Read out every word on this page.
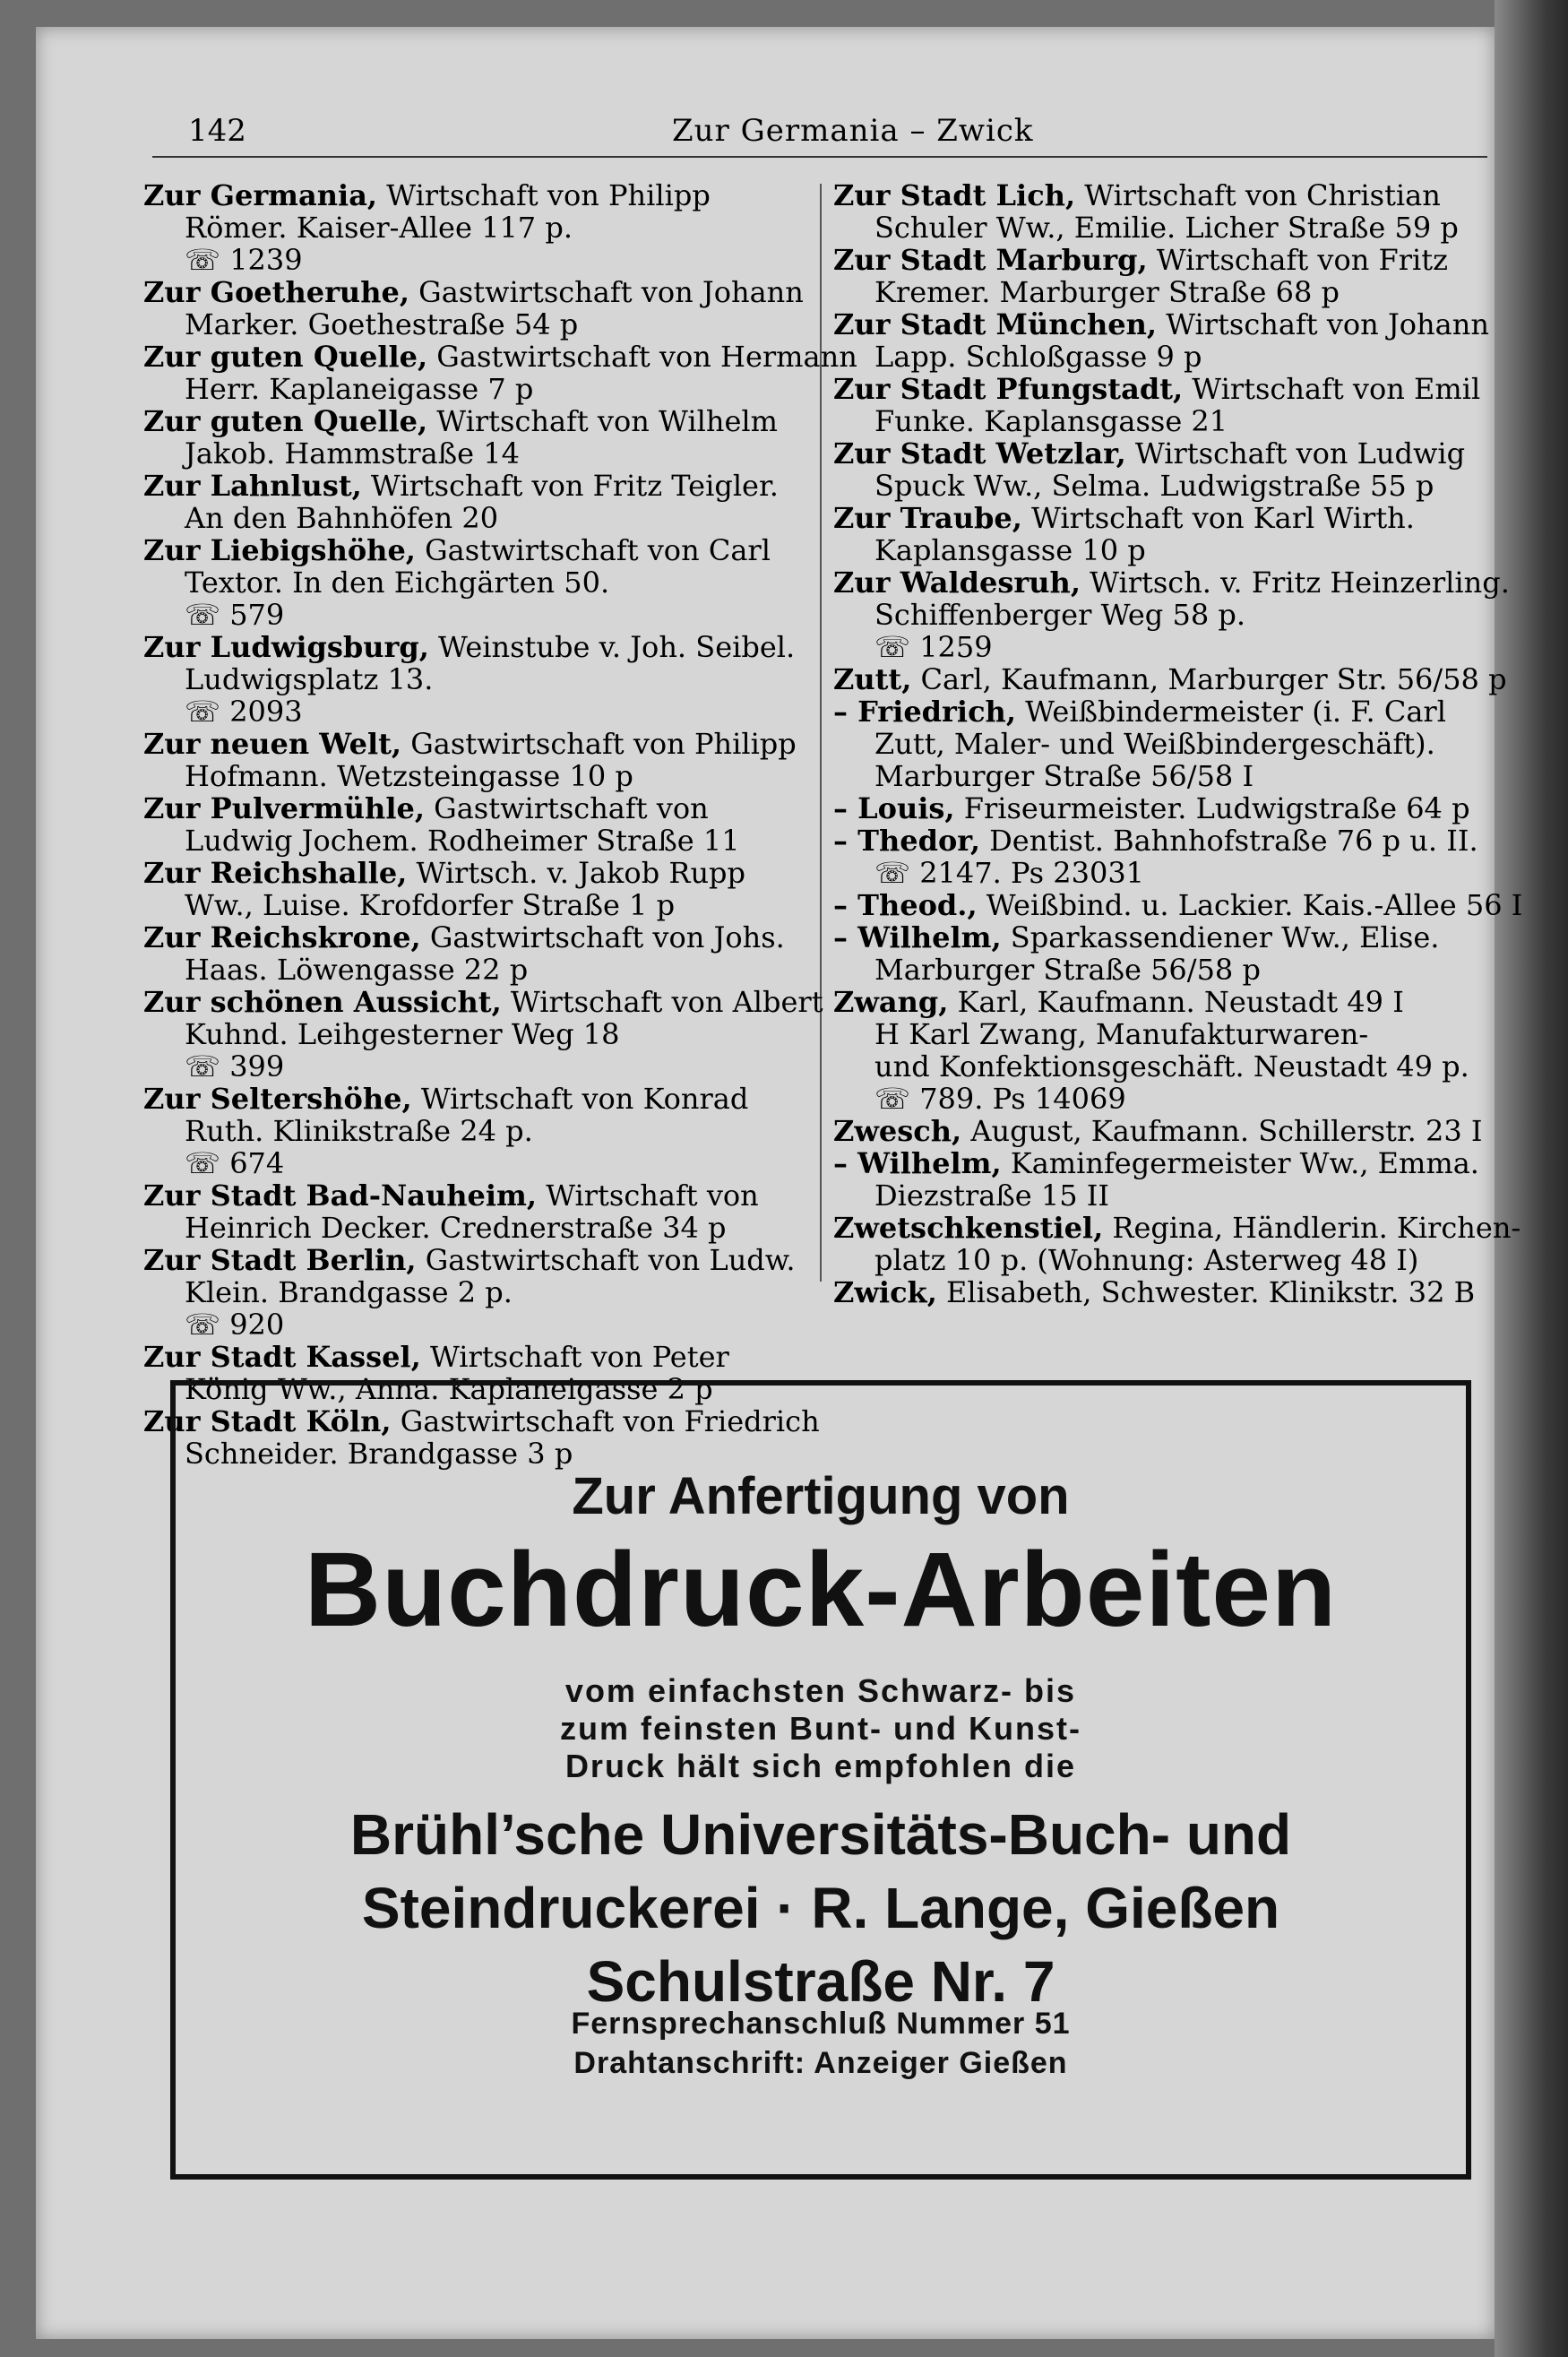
142	Zur Germania – Zwick

Zur Germania, Wirtschaft von Philipp

Römer. Kaiser-Allee 117 p.

☏ 1239

Zur Goetheruhe, Gastwirtschaft von Johann

Marker. Goethestraße 54 p

Zur guten Quelle, Gastwirtschaft von Hermann

Herr. Kaplaneigasse 7 p

Zur guten Quelle, Wirtschaft von Wilhelm

Jakob. Hammstraße 14

Zur Lahnlust, Wirtschaft von Fritz Teigler.

An den Bahnhöfen 20

Zur Liebigshöhe, Gastwirtschaft von Carl

Textor. In den Eichgärten 50.

☏ 579

Zur Ludwigsburg, Weinstube v. Joh. Seibel.

Ludwigsplatz 13.

☏ 2093

Zur neuen Welt, Gastwirtschaft von Philipp

Hofmann. Wetzsteingasse 10 p

Zur Pulvermühle, Gastwirtschaft von

Ludwig Jochem. Rodheimer Straße 11

Zur Reichshalle, Wirtsch. v. Jakob Rupp

Ww., Luise. Krofdorfer Straße 1 p

Zur Reichskrone, Gastwirtschaft von Johs.

Haas. Löwengasse 22 p

Zur schönen Aussicht, Wirtschaft von Albert

Kuhnd. Leihgesterner Weg 18

☏ 399

Zur Seltershöhe, Wirtschaft von Konrad

Ruth. Klinikstraße 24 p.

☏ 674

Zur Stadt Bad-Nauheim, Wirtschaft von

Heinrich Decker. Crednerstraße 34 p

Zur Stadt Berlin, Gastwirtschaft von Ludw.

Klein. Brandgasse 2 p.

☏ 920

Zur Stadt Kassel, Wirtschaft von Peter

König Ww., Anna. Kaplaneigasse 2 p

Zur Stadt Köln, Gastwirtschaft von Friedrich

Schneider. Brandgasse 3 p

Zur Stadt Lich, Wirtschaft von Christian

Schuler Ww., Emilie. Licher Straße 59 p

Zur Stadt Marburg, Wirtschaft von Fritz

Kremer. Marburger Straße 68 p

Zur Stadt München, Wirtschaft von Johann

Lapp. Schloßgasse 9 p

Zur Stadt Pfungstadt, Wirtschaft von Emil

Funke. Kaplansgasse 21

Zur Stadt Wetzlar, Wirtschaft von Ludwig

Spuck Ww., Selma. Ludwigstraße 55 p

Zur Traube, Wirtschaft von Karl Wirth.

Kaplansgasse 10 p

Zur Waldesruh, Wirtsch. v. Fritz Heinzerling.

Schiffenberger Weg 58 p.

☏ 1259

Zutt, Carl, Kaufmann, Marburger Str. 56/58 p

– Friedrich, Weißbindermeister (i. F. Carl

Zutt, Maler- und Weißbindergeschäft).

Marburger Straße 56/58 I

– Louis, Friseurmeister. Ludwigstraße 64 p

– Thedor, Dentist. Bahnhofstraße 76 p u. II.

☏ 2147. Ps 23031

– Theod., Weißbind. u. Lackier. Kais.-Allee 56 I

– Wilhelm, Sparkassendiener Ww., Elise.

Marburger Straße 56/58 p

Zwang, Karl, Kaufmann. Neustadt 49 I

H Karl Zwang, Manufakturwaren-

und Konfektionsgeschäft. Neustadt 49 p.

☏ 789. Ps 14069

Zwesch, August, Kaufmann. Schillerstr. 23 I

– Wilhelm, Kaminfegermeister Ww., Emma.

Diezstraße 15 II

Zwetschkenstiel, Regina, Händlerin. Kirchen-

platz 10 p. (Wohnung: Asterweg 48 I)

Zwick, Elisabeth, Schwester. Klinikstr. 32 B

Zur Anfertigung von
Buchdruck-Arbeiten
vom einfachsten Schwarz- bis
zum feinsten Bunt- und Kunst-
Druck hält sich empfohlen die
Brühl’sche Universitäts-Buch- und
Steindruckerei · R. Lange, Gießen
Schulstraße Nr. 7
Fernsprechanschluß Nummer 51
Drahtanschrift: Anzeiger Gießen
